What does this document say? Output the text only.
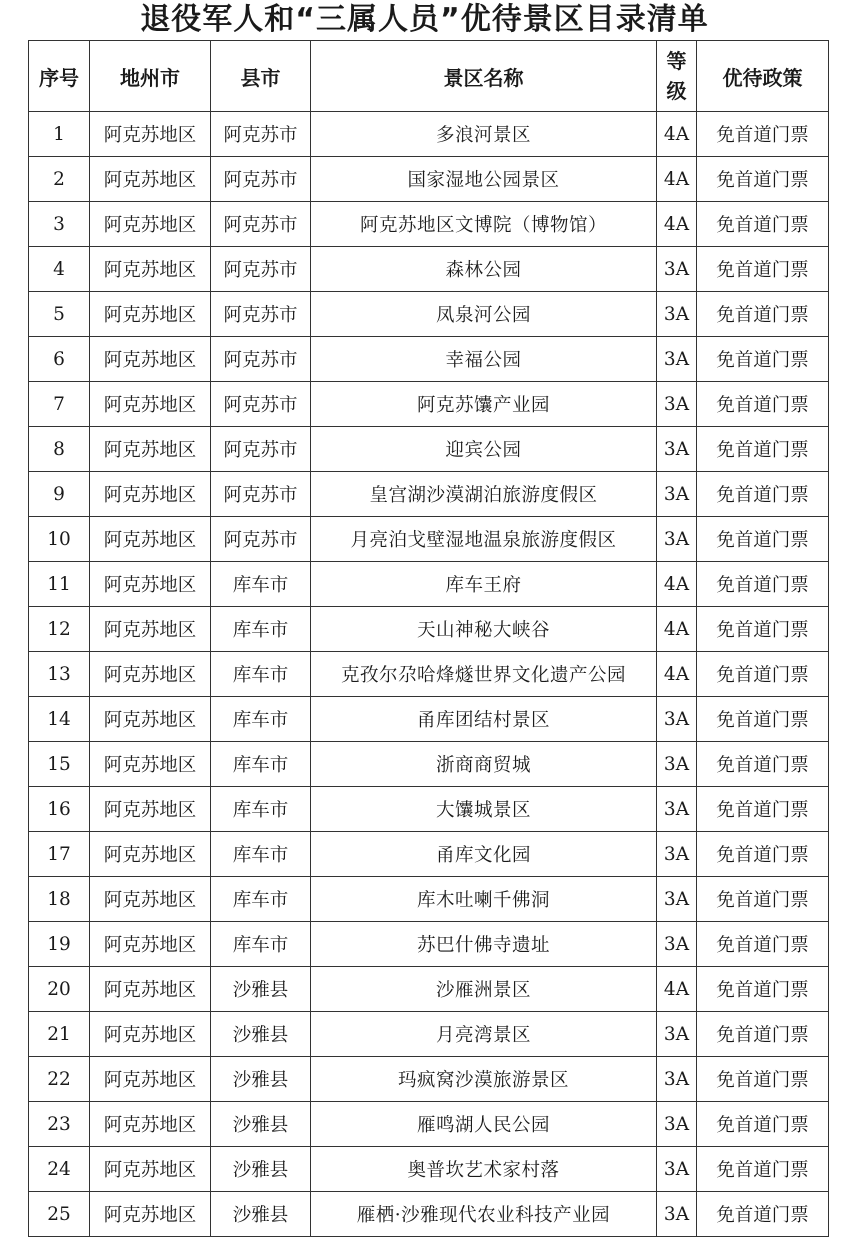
退役军人和“三属人员”优待景区目录清单
序号	地州市	县市	景区名称	等级	优待政策
1	阿克苏地区	阿克苏市	多浪河景区	4A	免首道门票
2	阿克苏地区	阿克苏市	国家湿地公园景区	4A	免首道门票
3	阿克苏地区	阿克苏市	阿克苏地区文博院（博物馆）	4A	免首道门票
4	阿克苏地区	阿克苏市	森林公园	3A	免首道门票
5	阿克苏地区	阿克苏市	凤泉河公园	3A	免首道门票
6	阿克苏地区	阿克苏市	幸福公园	3A	免首道门票
7	阿克苏地区	阿克苏市	阿克苏馕产业园	3A	免首道门票
8	阿克苏地区	阿克苏市	迎宾公园	3A	免首道门票
9	阿克苏地区	阿克苏市	皇宫湖沙漠湖泊旅游度假区	3A	免首道门票
10	阿克苏地区	阿克苏市	月亮泊戈壁湿地温泉旅游度假区	3A	免首道门票
11	阿克苏地区	库车市	库车王府	4A	免首道门票
12	阿克苏地区	库车市	天山神秘大峡谷	4A	免首道门票
13	阿克苏地区	库车市	克孜尔尕哈烽燧世界文化遗产公园	4A	免首道门票
14	阿克苏地区	库车市	甬库团结村景区	3A	免首道门票
15	阿克苏地区	库车市	浙商商贸城	3A	免首道门票
16	阿克苏地区	库车市	大馕城景区	3A	免首道门票
17	阿克苏地区	库车市	甬库文化园	3A	免首道门票
18	阿克苏地区	库车市	库木吐喇千佛洞	3A	免首道门票
19	阿克苏地区	库车市	苏巴什佛寺遗址	3A	免首道门票
20	阿克苏地区	沙雅县	沙雁洲景区	4A	免首道门票
21	阿克苏地区	沙雅县	月亮湾景区	3A	免首道门票
22	阿克苏地区	沙雅县	玛疯窝沙漠旅游景区	3A	免首道门票
23	阿克苏地区	沙雅县	雁鸣湖人民公园	3A	免首道门票
24	阿克苏地区	沙雅县	奥普坎艺术家村落	3A	免首道门票
25	阿克苏地区	沙雅县	雁栖·沙雅现代农业科技产业园	3A	免首道门票
